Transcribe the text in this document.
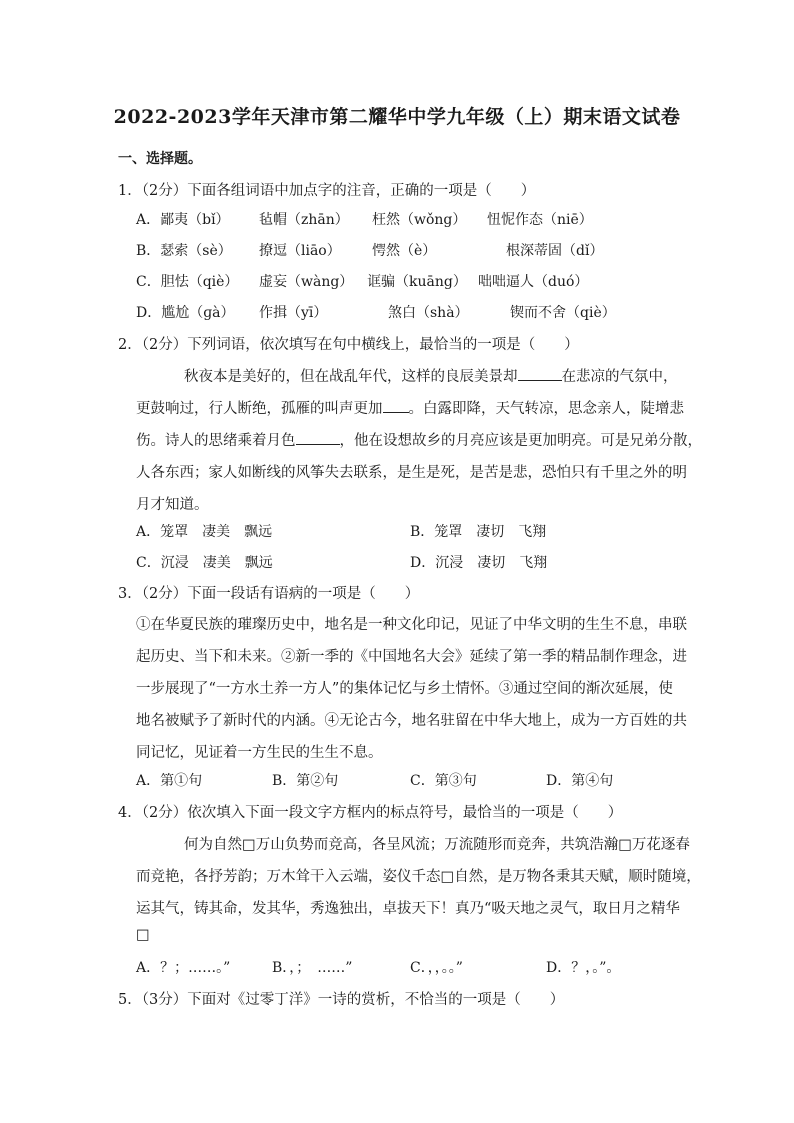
2022-2023学年天津市第二耀华中学九年级（上）期末语文试卷
一、选择题。
1．（2分）下面各组词语中加点字的注音，正确的一项是（　　）
A．鄙夷（bǐ） 毡帽（zhān） 枉然（wǒng） 忸怩作态（niē）
B．瑟索（sè） 撩逗（liāo） 愕然（è）	根深蒂固（dǐ）
C．胆怯（qiè） 虚妄（wàng） 诓骗（kuāng） 咄咄逼人（duó）
D．尴尬（ɡà） 作揖（yī）	煞白（shà）	锲而不舍（qiè）
2．（2分）下列词语，依次填写在句中横线上，最恰当的一项是（　　）
秋夜本是美好的，但在战乱年代，这样的良辰美景却	在悲凉的气氛中，
更鼓响过，行人断绝，孤雁的叫声更加 。白露即降，天气转凉，思念亲人，陡增悲
伤。诗人的思绪乘着月色	，他在设想故乡的月亮应该是更加明亮。可是兄弟分散，
人各东西；家人如断线的风筝失去联系，是生是死，是苦是悲，恐怕只有千里之外的明
月才知道。
A．笼罩　凄美　飘远	B．笼罩　凄切　飞翔
C．沉浸　凄美　飘远	D．沉浸　凄切　飞翔
3．（2分）下面一段话有语病的一项是（　　）
①在华夏民族的璀璨历史中，地名是一种文化印记，见证了中华文明的生生不息，串联
起历史、当下和未来。②新一季的《中国地名大会》延续了第一季的精品制作理念，进
一步展现了“一方水土养一方人”的集体记忆与乡土情怀。③通过空间的渐次延展，使
地名被赋予了新时代的内涵。④无论古今，地名驻留在中华大地上，成为一方百姓的共
同记忆，见证着一方生民的生生不息。
A．第①句	B．第②句	C．第③句	D．第④句
4．（2分）依次填入下面一段文字方框内的标点符号，最恰当的一项是（　　）
何为自然□万山负势而竞高，各呈风流；万流随形而竞奔，共筑浩瀚□万花逐春
而竞艳，各抒芳韵；万木耸干入云端，姿仪千态□自然，是万物各秉其天赋，顺时随境，
运其气，铸其命，发其华，秀逸独出，卓拔天下！真乃“吸天地之灵气，取日月之精华
□
A．？；……。”	B．，；　……”	C．，，。。”	D．？，。”。
5．（3分）下面对《过零丁洋》一诗的赏析，不恰当的一项是（　　）
